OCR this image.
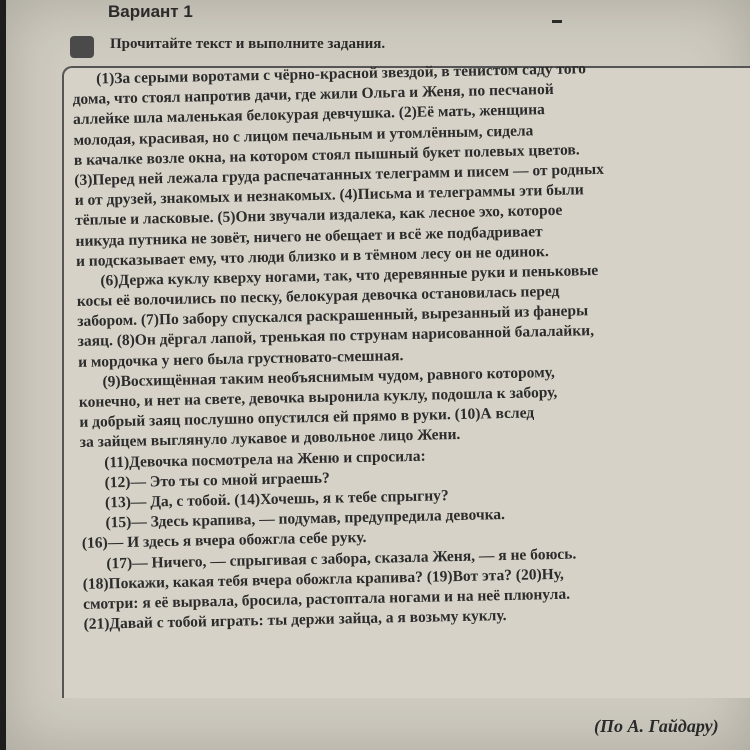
Вариант 1
Прочитайте текст и выполните задания.
(1)За серыми воротами с чёрно-красной звездой, в тенистом саду того
дома, что стоял напротив дачи, где жили Ольга и Женя, по песчаной
аллейке шла маленькая белокурая девчушка. (2)Её мать, женщина
молодая, красивая, но с лицом печальным и утомлённым, сидела
в качалке возле окна, на котором стоял пышный букет полевых цветов.
(3)Перед ней лежала груда распечатанных телеграмм и писем — от родных
и от друзей, знакомых и незнакомых. (4)Письма и телеграммы эти были
тёплые и ласковые. (5)Они звучали издалека, как лесное эхо, которое
никуда путника не зовёт, ничего не обещает и всё же подбадривает
и подсказывает ему, что люди близко и в тёмном лесу он не одинок.
(6)Держа куклу кверху ногами, так, что деревянные руки и пеньковые
косы её волочились по песку, белокурая девочка остановилась перед
забором. (7)По забору спускался раскрашенный, вырезанный из фанеры
заяц. (8)Он дёргал лапой, тренькая по струнам нарисованной балалайки,
и мордочка у него была грустновато-смешная.
(9)Восхищённая таким необъяснимым чудом, равного которому,
конечно, и нет на свете, девочка выронила куклу, подошла к забору,
и добрый заяц послушно опустился ей прямо в руки. (10)А вслед
за зайцем выглянуло лукавое и довольное лицо Жени.
(11)Девочка посмотрела на Женю и спросила:
(12)— Это ты со мной играешь?
(13)— Да, с тобой. (14)Хочешь, я к тебе спрыгну?
(15)— Здесь крапива, — подумав, предупредила девочка.
(16)— И здесь я вчера обожгла себе руку.
(17)— Ничего, — спрыгивая с забора, сказала Женя, — я не боюсь.
(18)Покажи, какая тебя вчера обожгла крапива? (19)Вот эта? (20)Ну,
смотри: я её вырвала, бросила, растоптала ногами и на неё плюнула.
(21)Давай с тобой играть: ты держи зайца, а я возьму куклу.
(По А. Гайдару)
